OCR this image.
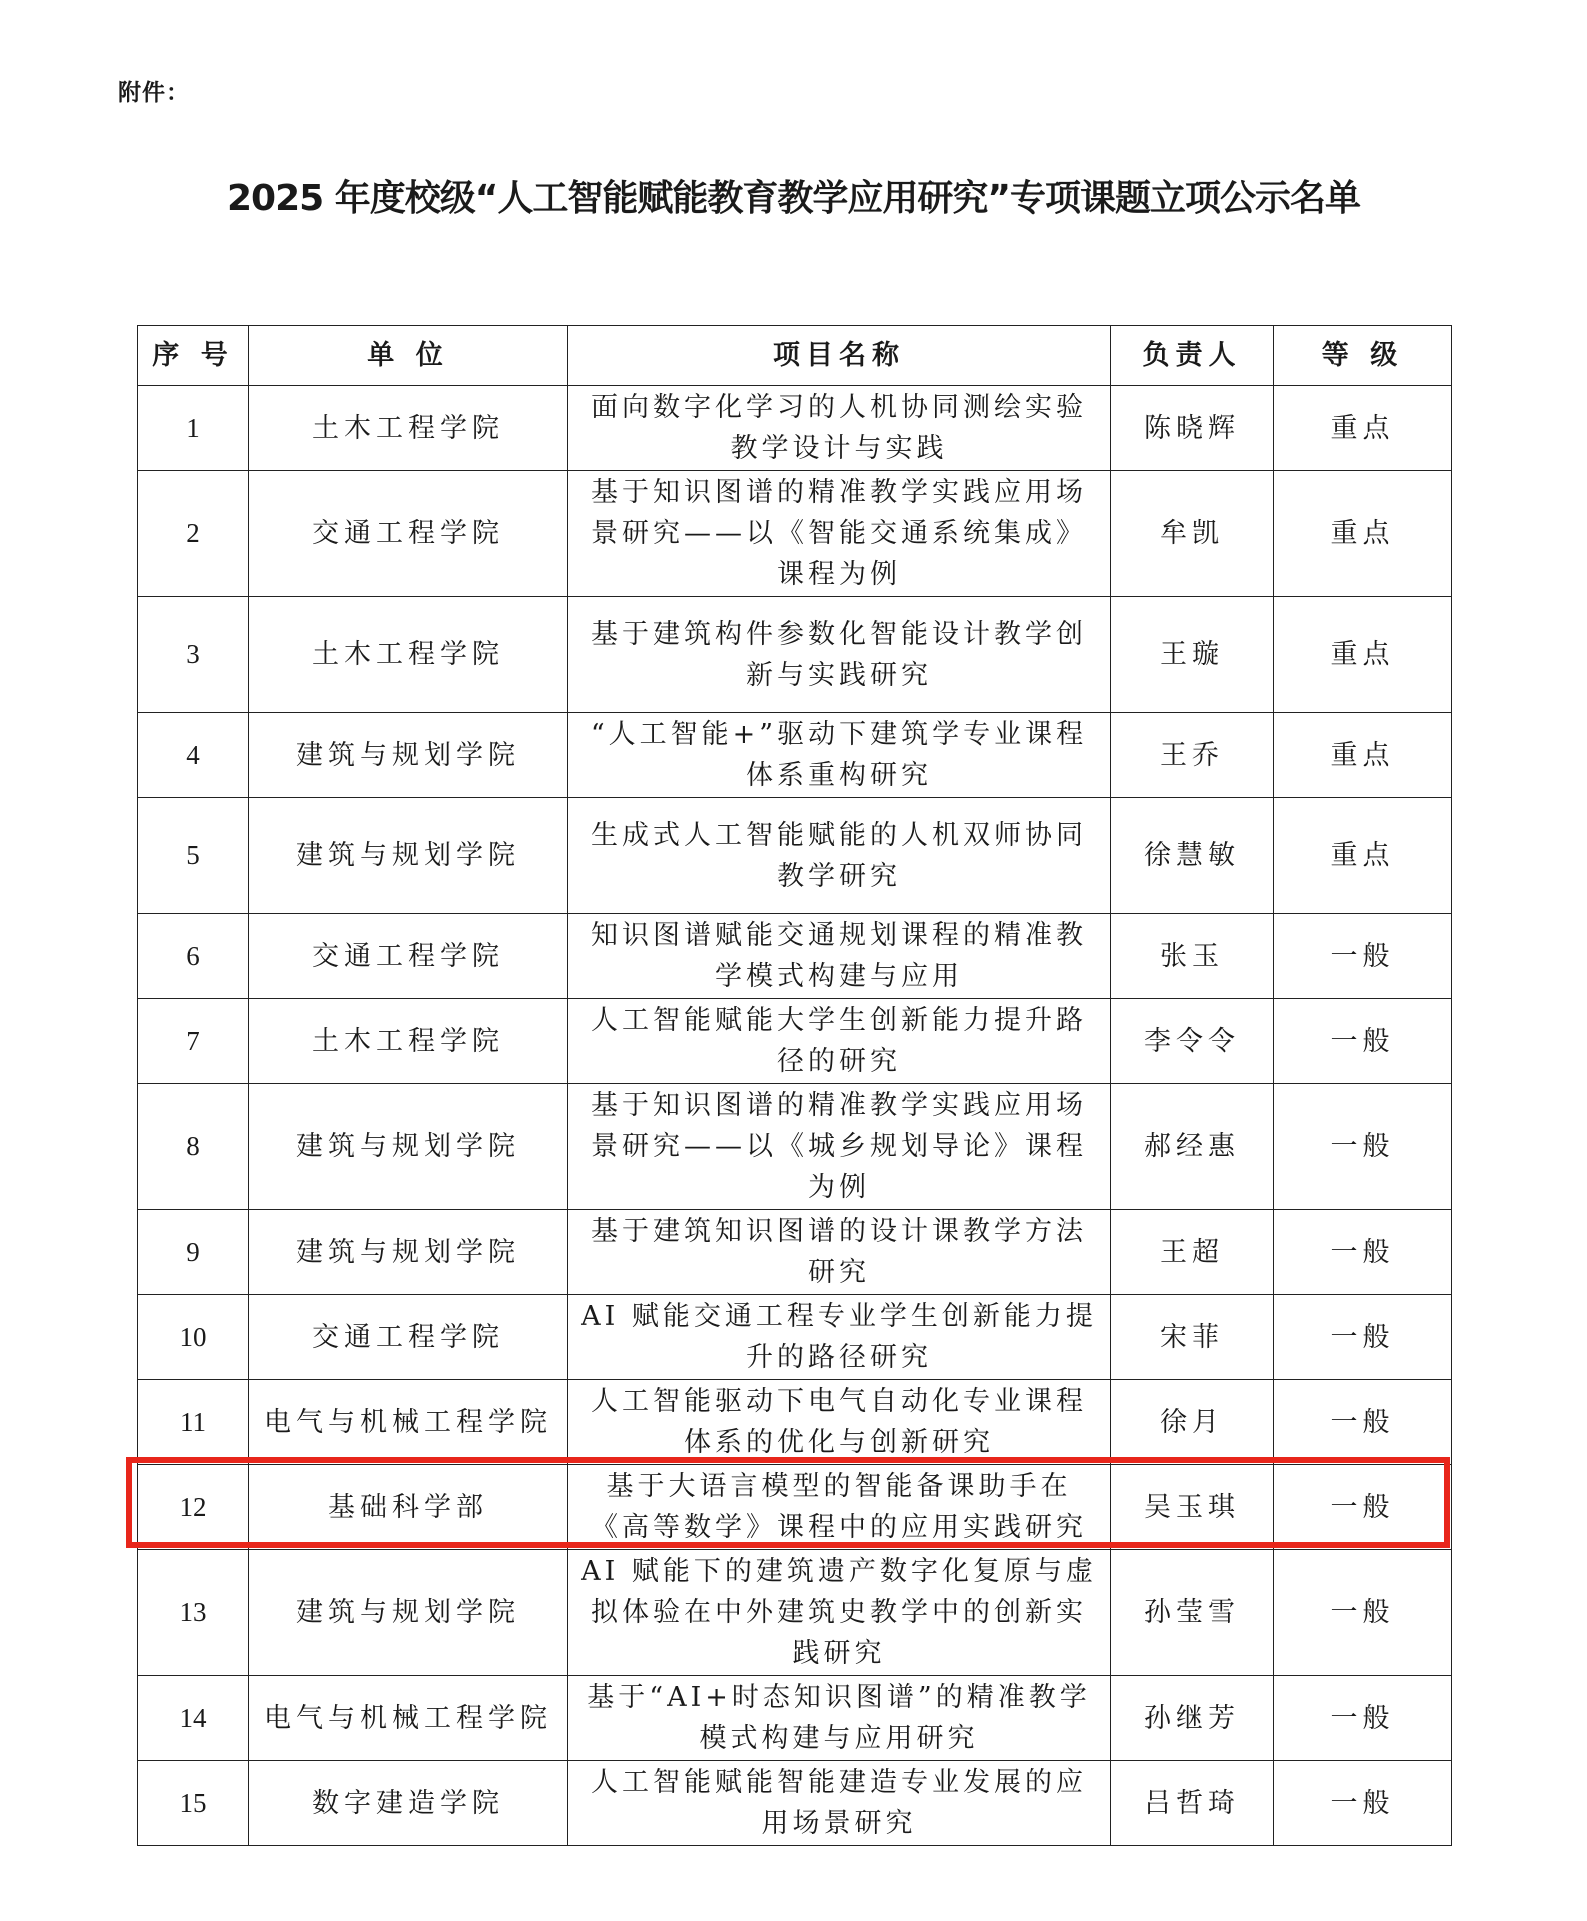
附件：
2025 年度校级“人工智能赋能教育教学应用研究”专项课题立项公示名单
序 号	单 位	项目名称	负责人	等 级
1	土木工程学院	面向数字化学习的人机协同测绘实验教学设计与实践	陈晓辉	重点
2	交通工程学院	基于知识图谱的精准教学实践应用场景研究——以《智能交通系统集成》课程为例	牟凯	重点
3	土木工程学院	基于建筑构件参数化智能设计教学创新与实践研究	王璇	重点
4	建筑与规划学院	“人工智能+”驱动下建筑学专业课程体系重构研究	王乔	重点
5	建筑与规划学院	生成式人工智能赋能的人机双师协同教学研究	徐慧敏	重点
6	交通工程学院	知识图谱赋能交通规划课程的精准教学模式构建与应用	张玉	一般
7	土木工程学院	人工智能赋能大学生创新能力提升路径的研究	李令令	一般
8	建筑与规划学院	基于知识图谱的精准教学实践应用场景研究——以《城乡规划导论》课程为例	郝经惠	一般
9	建筑与规划学院	基于建筑知识图谱的设计课教学方法研究	王超	一般
10	交通工程学院	AI 赋能交通工程专业学生创新能力提升的路径研究	宋菲	一般
11	电气与机械工程学院	人工智能驱动下电气自动化专业课程体系的优化与创新研究	徐月	一般
12	基础科学部	基于大语言模型的智能备课助手在《高等数学》课程中的应用实践研究	吴玉琪	一般
13	建筑与规划学院	AI 赋能下的建筑遗产数字化复原与虚拟体验在中外建筑史教学中的创新实践研究	孙莹雪	一般
14	电气与机械工程学院	基于“AI+时态知识图谱”的精准教学模式构建与应用研究	孙继芳	一般
15	数字建造学院	人工智能赋能智能建造专业发展的应用场景研究	吕哲琦	一般
